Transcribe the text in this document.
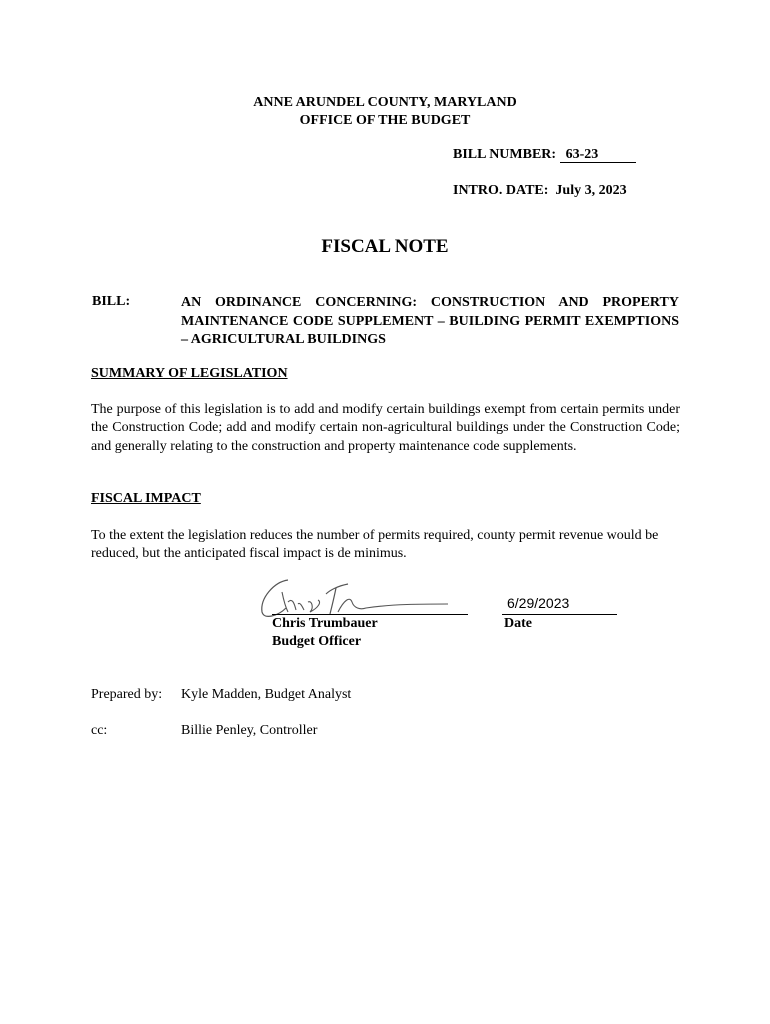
ANNE ARUNDEL COUNTY, MARYLAND

OFFICE OF THE BUDGET

BILL NUMBER: 63-23

INTRO. DATE: July 3, 2023

FISCAL NOTE

BILL:	AN ORDINANCE CONCERNING: CONSTRUCTION AND PROPERTY MAINTENANCE CODE SUPPLEMENT – BUILDING PERMIT EXEMPTIONS – AGRICULTURAL BUILDINGS

SUMMARY OF LEGISLATION

The purpose of this legislation is to add and modify certain buildings exempt from certain permits under the Construction Code; add and modify certain non-agricultural buildings under the Construction Code; and generally relating to the construction and property maintenance code supplements.

FISCAL IMPACT

To the extent the legislation reduces the number of permits required, county permit revenue would be reduced, but the anticipated fiscal impact is de minimus.

6/29/2023

Chris Trumbauer

Budget Officer

Date

Prepared by: Kyle Madden, Budget Analyst

cc:	Billie Penley, Controller
